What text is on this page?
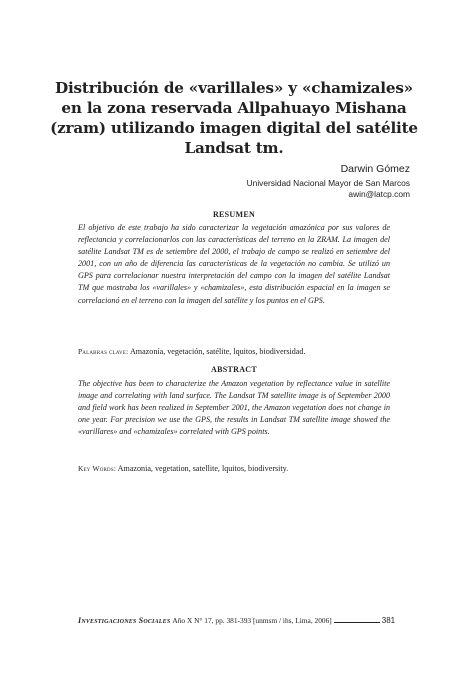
Distribución de «varillales» y «chamizales» en la zona reservada Allpahuayo Mishana (zram) utilizando imagen digital del satélite Landsat tm.
Darwin Gómez
Universidad Nacional Mayor de San Marcos
awin@latcp.com
RESUMEN
El objetivo de este trabajo ha sido caracterizar la vegetación amazónica por sus valores de reflectancia y correlacionarlos con las características del terreno en la ZRAM. La imagen del satélite Landsat TM es de setiembre del 2000, el trabajo de campo se realizó en setiembre del 2001, con un año de diferencia las características de la vegetación no cambia. Se utilizó un GPS para correlacionar nuestra interpretación del campo con la imagen del satélite Landsat TM que mostraba los «varillales» y «chamizales», esta distribución espacial en la imagen se correlacionó en el terreno con la imagen del satélite y los puntos en el GPS.
Palabras clave: Amazonía, vegetación, satélite, lquitos, biodiversidad.
ABSTRACT
The objective has been to characterize the Amazon vegetation by reflectance value in satellite image and correlating with land surface. The Landsat TM satellite image is of September 2000 and field work has been realized in September 2001, the Amazon vegetation does not change in one year. For precision we use the GPS, the results in Landsat TM satellite image showed the «varillares» and «chamizales» correlated with GPS points.
Key Words: Amazonia, vegetation, satellite, lquitos, biodiversity.
Investigaciones Sociales Año X N° 17, pp. 381-393 [unmsm / ihs, Lima, 2006]	381
